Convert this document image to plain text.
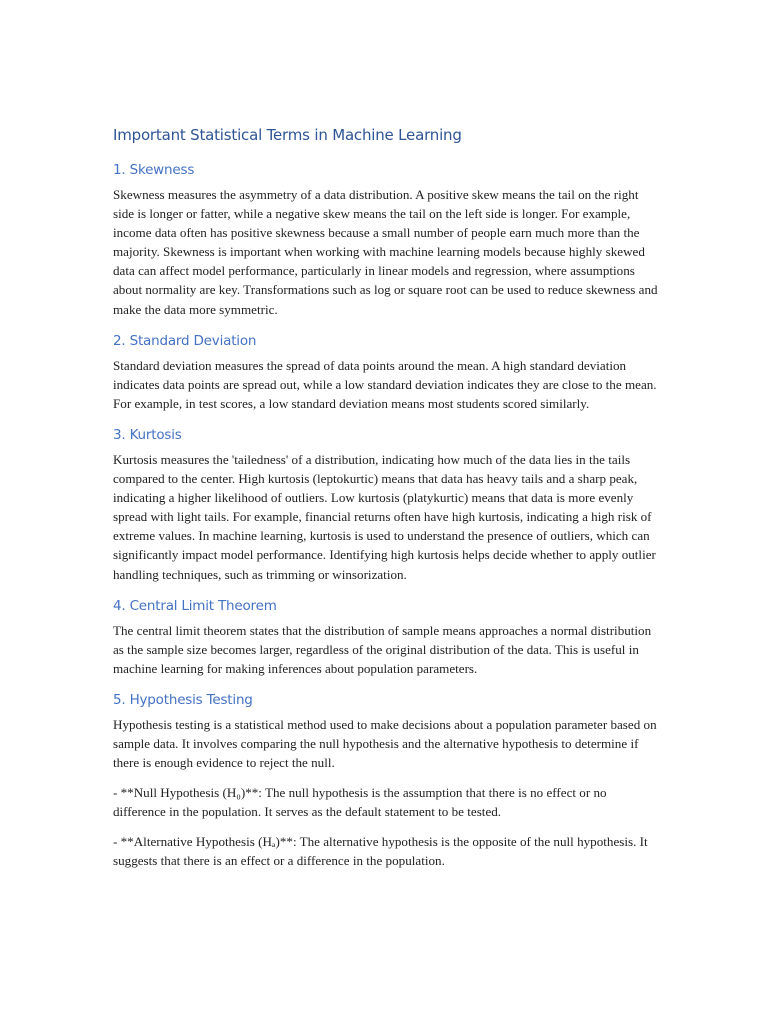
Important Statistical Terms in Machine Learning
1. Skewness

Skewness measures the asymmetry of a data distribution. A positive skew means the tail on the right side is longer or fatter, while a negative skew means the tail on the left side is longer. For example, income data often has positive skewness because a small number of people earn much more than the majority. Skewness is important when working with machine learning models because highly skewed data can affect model performance, particularly in linear models and regression, where assumptions about normality are key. Transformations such as log or square root can be used to reduce skewness and make the data more symmetric.

2. Standard Deviation

Standard deviation measures the spread of data points around the mean. A high standard deviation indicates data points are spread out, while a low standard deviation indicates they are close to the mean. For example, in test scores, a low standard deviation means most students scored similarly.

3. Kurtosis

Kurtosis measures the 'tailedness' of a distribution, indicating how much of the data lies in the tails compared to the center. High kurtosis (leptokurtic) means that data has heavy tails and a sharp peak, indicating a higher likelihood of outliers. Low kurtosis (platykurtic) means that data is more evenly spread with light tails. For example, financial returns often have high kurtosis, indicating a high risk of extreme values. In machine learning, kurtosis is used to understand the presence of outliers, which can significantly impact model performance. Identifying high kurtosis helps decide whether to apply outlier handling techniques, such as trimming or winsorization.

4. Central Limit Theorem

The central limit theorem states that the distribution of sample means approaches a normal distribution as the sample size becomes larger, regardless of the original distribution of the data. This is useful in machine learning for making inferences about population parameters.

5. Hypothesis Testing

Hypothesis testing is a statistical method used to make decisions about a population parameter based on sample data. It involves comparing the null hypothesis and the alternative hypothesis to determine if there is enough evidence to reject the null.

- **Null Hypothesis (H₀)**: The null hypothesis is the assumption that there is no effect or no difference in the population. It serves as the default statement to be tested.

- **Alternative Hypothesis (Hₐ)**: The alternative hypothesis is the opposite of the null hypothesis. It suggests that there is an effect or a difference in the population.
